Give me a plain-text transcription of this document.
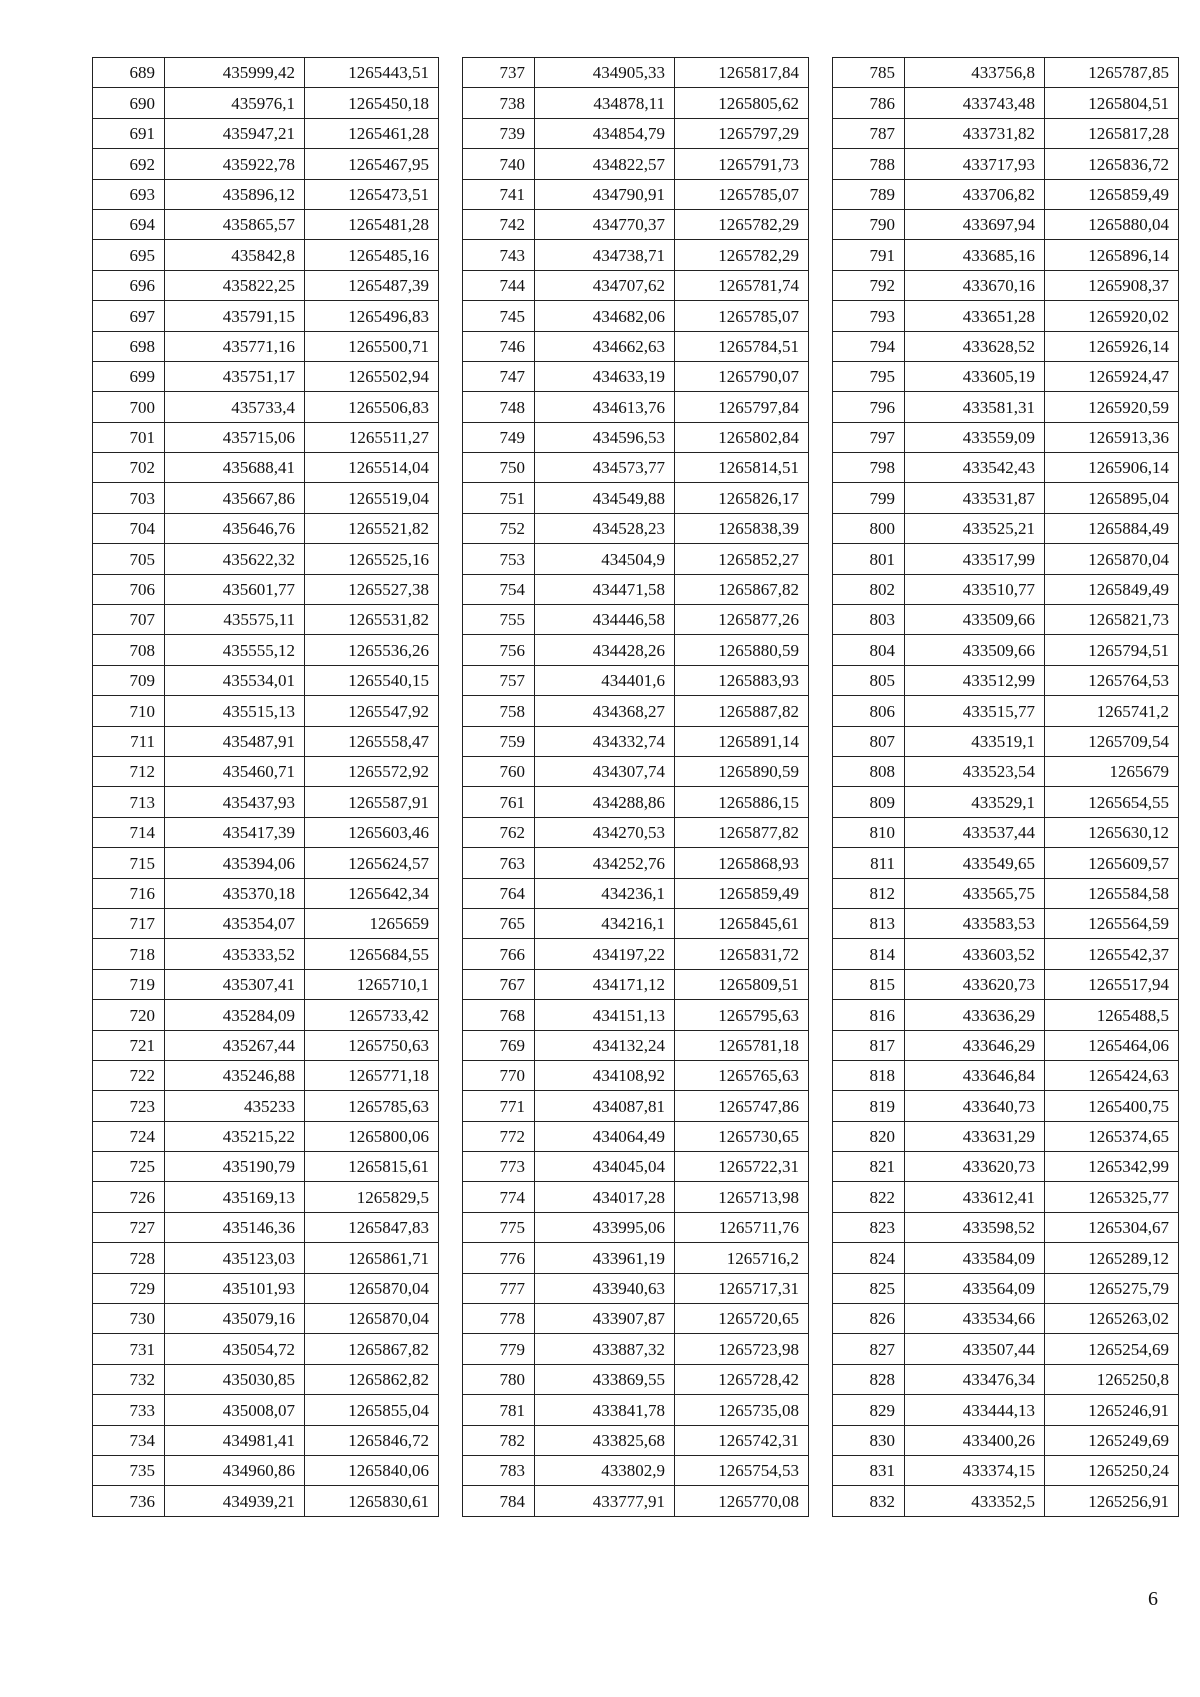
689	435999,42	1265443,51
690	435976,1	1265450,18
691	435947,21	1265461,28
692	435922,78	1265467,95
693	435896,12	1265473,51
694	435865,57	1265481,28
695	435842,8	1265485,16
696	435822,25	1265487,39
697	435791,15	1265496,83
698	435771,16	1265500,71
699	435751,17	1265502,94
700	435733,4	1265506,83
701	435715,06	1265511,27
702	435688,41	1265514,04
703	435667,86	1265519,04
704	435646,76	1265521,82
705	435622,32	1265525,16
706	435601,77	1265527,38
707	435575,11	1265531,82
708	435555,12	1265536,26
709	435534,01	1265540,15
710	435515,13	1265547,92
711	435487,91	1265558,47
712	435460,71	1265572,92
713	435437,93	1265587,91
714	435417,39	1265603,46
715	435394,06	1265624,57
716	435370,18	1265642,34
717	435354,07	1265659
718	435333,52	1265684,55
719	435307,41	1265710,1
720	435284,09	1265733,42
721	435267,44	1265750,63
722	435246,88	1265771,18
723	435233	1265785,63
724	435215,22	1265800,06
725	435190,79	1265815,61
726	435169,13	1265829,5
727	435146,36	1265847,83
728	435123,03	1265861,71
729	435101,93	1265870,04
730	435079,16	1265870,04
731	435054,72	1265867,82
732	435030,85	1265862,82
733	435008,07	1265855,04
734	434981,41	1265846,72
735	434960,86	1265840,06
736	434939,21	1265830,61
737	434905,33	1265817,84
738	434878,11	1265805,62
739	434854,79	1265797,29
740	434822,57	1265791,73
741	434790,91	1265785,07
742	434770,37	1265782,29
743	434738,71	1265782,29
744	434707,62	1265781,74
745	434682,06	1265785,07
746	434662,63	1265784,51
747	434633,19	1265790,07
748	434613,76	1265797,84
749	434596,53	1265802,84
750	434573,77	1265814,51
751	434549,88	1265826,17
752	434528,23	1265838,39
753	434504,9	1265852,27
754	434471,58	1265867,82
755	434446,58	1265877,26
756	434428,26	1265880,59
757	434401,6	1265883,93
758	434368,27	1265887,82
759	434332,74	1265891,14
760	434307,74	1265890,59
761	434288,86	1265886,15
762	434270,53	1265877,82
763	434252,76	1265868,93
764	434236,1	1265859,49
765	434216,1	1265845,61
766	434197,22	1265831,72
767	434171,12	1265809,51
768	434151,13	1265795,63
769	434132,24	1265781,18
770	434108,92	1265765,63
771	434087,81	1265747,86
772	434064,49	1265730,65
773	434045,04	1265722,31
774	434017,28	1265713,98
775	433995,06	1265711,76
776	433961,19	1265716,2
777	433940,63	1265717,31
778	433907,87	1265720,65
779	433887,32	1265723,98
780	433869,55	1265728,42
781	433841,78	1265735,08
782	433825,68	1265742,31
783	433802,9	1265754,53
784	433777,91	1265770,08
785	433756,8	1265787,85
786	433743,48	1265804,51
787	433731,82	1265817,28
788	433717,93	1265836,72
789	433706,82	1265859,49
790	433697,94	1265880,04
791	433685,16	1265896,14
792	433670,16	1265908,37
793	433651,28	1265920,02
794	433628,52	1265926,14
795	433605,19	1265924,47
796	433581,31	1265920,59
797	433559,09	1265913,36
798	433542,43	1265906,14
799	433531,87	1265895,04
800	433525,21	1265884,49
801	433517,99	1265870,04
802	433510,77	1265849,49
803	433509,66	1265821,73
804	433509,66	1265794,51
805	433512,99	1265764,53
806	433515,77	1265741,2
807	433519,1	1265709,54
808	433523,54	1265679
809	433529,1	1265654,55
810	433537,44	1265630,12
811	433549,65	1265609,57
812	433565,75	1265584,58
813	433583,53	1265564,59
814	433603,52	1265542,37
815	433620,73	1265517,94
816	433636,29	1265488,5
817	433646,29	1265464,06
818	433646,84	1265424,63
819	433640,73	1265400,75
820	433631,29	1265374,65
821	433620,73	1265342,99
822	433612,41	1265325,77
823	433598,52	1265304,67
824	433584,09	1265289,12
825	433564,09	1265275,79
826	433534,66	1265263,02
827	433507,44	1265254,69
828	433476,34	1265250,8
829	433444,13	1265246,91
830	433400,26	1265249,69
831	433374,15	1265250,24
832	433352,5	1265256,91
6
